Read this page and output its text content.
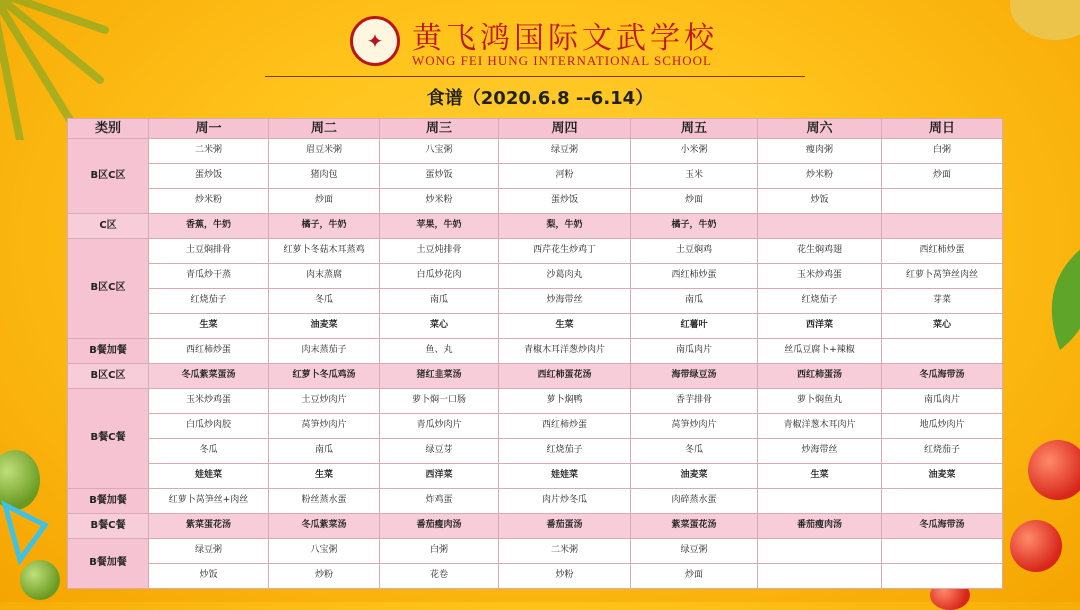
✦ 黄飞鸿国际文武学校
WONG FEI HUNG INTERNATIONAL SCHOOL
食谱（2020.6.8 --6.14）
类别	周一	周二	周三	周四	周五	周六	周日
B区C区	二米粥	眉豆米粥	八宝粥	绿豆粥	小米粥	瘦肉粥	白粥
	蛋炒饭	猪肉包	蛋炒饭	河粉	玉米	炒米粉	炒面
	炒米粉	炒面	炒米粉	蛋炒饭	炒面	炒饭	
C区	香蕉，牛奶	橘子，牛奶	苹果，牛奶	梨，牛奶	橘子，牛奶		
B区C区	土豆焖排骨	红萝卜冬菇木耳蒸鸡	土豆炖排骨	西芹花生炒鸡丁	土豆焖鸡	花生焖鸡翅	西红柿炒蛋
	青瓜炒干蒸	肉末蒸腐	白瓜炒花肉	沙葛肉丸	西红柿炒蛋	玉米炒鸡蛋	红萝卜莴笋丝肉丝
	红烧茄子	冬瓜	南瓜	炒海带丝	南瓜	红烧茄子	芽菜
	生菜	油麦菜	菜心	生菜	红薯叶	西洋菜	菜心
B餐加餐	西红柿炒蛋	肉末蒸茄子	鱼、丸	青椒木耳洋葱炒肉片	南瓜肉片	丝瓜豆腐卜+辣椒	
B区C区	冬瓜紫菜蛋汤	红萝卜冬瓜鸡汤	猪红韭菜汤	西红柿蛋花汤	海带绿豆汤	西红柿蛋汤	冬瓜海带汤
B餐C餐	玉米炒鸡蛋	土豆炒肉片	萝卜焖一口肠	萝卜焖鸭	香芋排骨	萝卜焖鱼丸	南瓜肉片
	白瓜炒肉胶	莴笋炒肉片	青瓜炒肉片	西红柿炒蛋	莴笋炒肉片	青椒洋葱木耳肉片	地瓜炒肉片
	冬瓜	南瓜	绿豆芽	红烧茄子	冬瓜	炒海带丝	红烧茄子
	娃娃菜	生菜	西洋菜	娃娃菜	油麦菜	生菜	油麦菜
B餐加餐	红萝卜莴笋丝+肉丝	粉丝蒸水蛋	炸鸡蛋	肉片炒冬瓜	肉碎蒸水蛋		
B餐C餐	紫菜蛋花汤	冬瓜紫菜汤	番茄瘦肉汤	番茄蛋汤	紫菜蛋花汤	番茄瘦肉汤	冬瓜海带汤
B餐加餐	绿豆粥	八宝粥	白粥	二米粥	绿豆粥		
	炒饭	炒粉	花卷	炒粉	炒面		
